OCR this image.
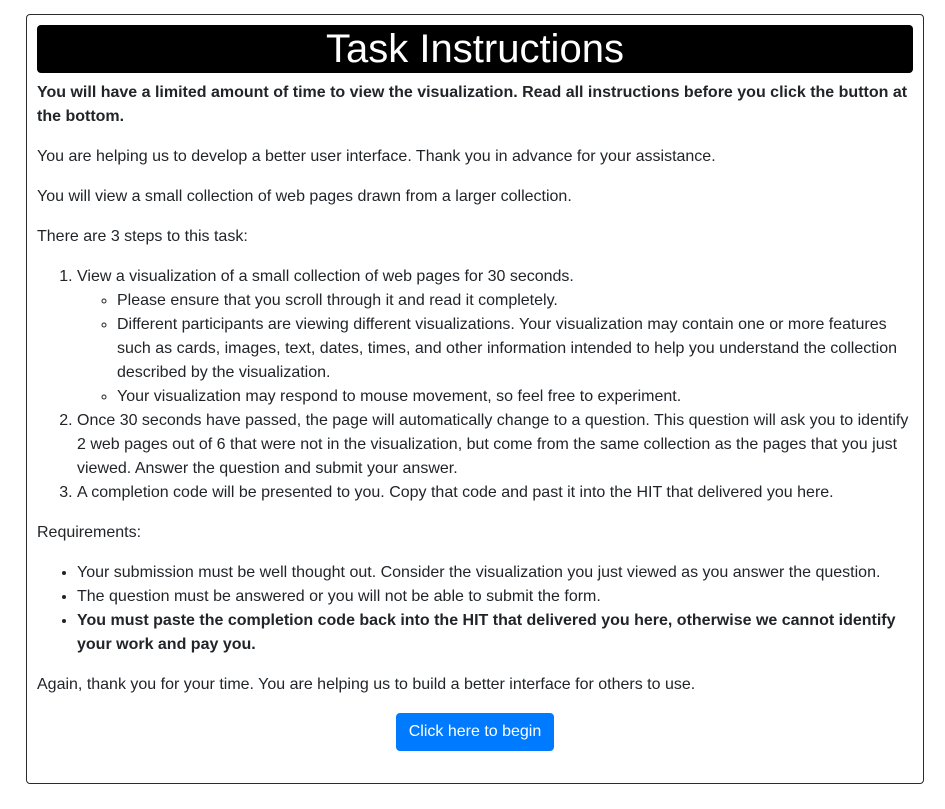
Task Instructions

You will have a limited amount of time to view the visualization. Read all instructions before you click the button at the bottom.

You are helping us to develop a better user interface. Thank you in advance for your assistance.

You will view a small collection of web pages drawn from a larger collection.

There are 3 steps to this task:

1. View a visualization of a small collection of web pages for 30 seconds.
◦ Please ensure that you scroll through it and read it completely.
◦ Different participants are viewing different visualizations. Your visualization may contain one or more features such as cards, images, text, dates, times, and other information intended to help you understand the collection described by the visualization.
◦ Your visualization may respond to mouse movement, so feel free to experiment.
2. Once 30 seconds have passed, the page will automatically change to a question. This question will ask you to identify 2 web pages out of 6 that were not in the visualization, but come from the same collection as the pages that you just viewed. Answer the question and submit your answer.
3. A completion code will be presented to you. Copy that code and past it into the HIT that delivered you here.

Requirements:

• Your submission must be well thought out. Consider the visualization you just viewed as you answer the question.
• The question must be answered or you will not be able to submit the form.
• You must paste the completion code back into the HIT that delivered you here, otherwise we cannot identify your work and pay you.

Again, thank you for your time. You are helping us to build a better interface for others to use.

Click here to begin
